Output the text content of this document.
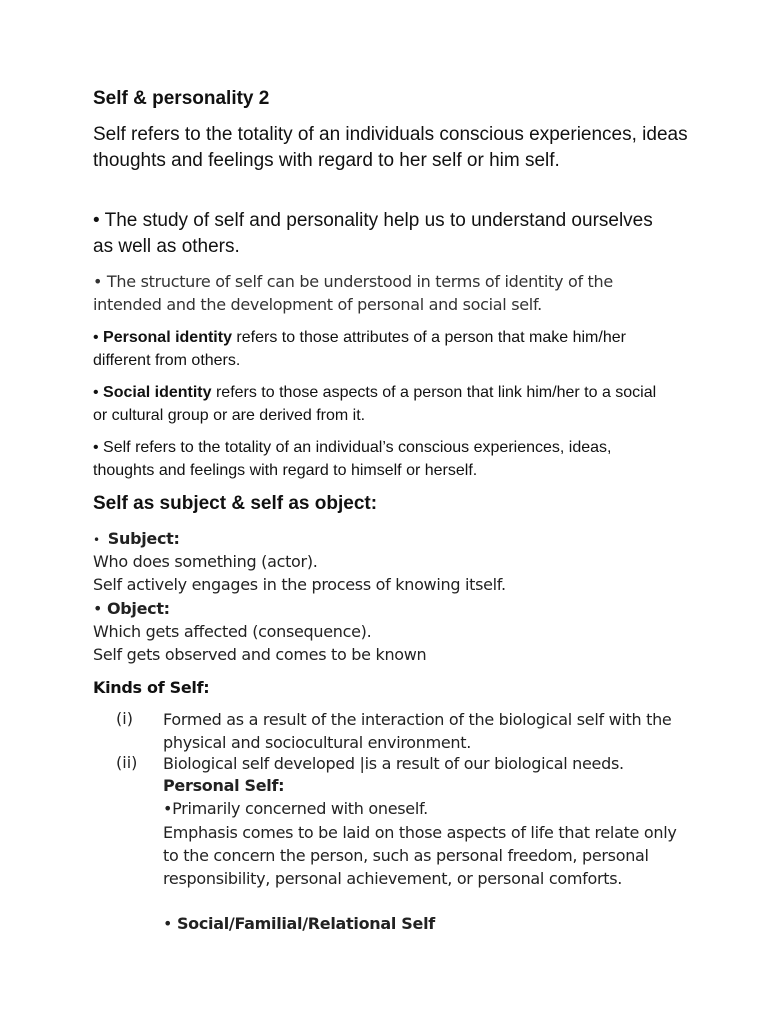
Self & personality 2
Self refers to the totality of an individuals conscious experiences, ideas thoughts and feelings with regard to her self or him self.
• The study of self and personality help us to understand ourselves as well as others.
• The structure of self can be understood in terms of identity of the intended and the development of personal and social self.
• Personal identity refers to those attributes of a person that make him/her different from others.
• Social identity refers to those aspects of a person that link him/her to a social or cultural group or are derived from it.
• Self refers to the totality of an individual’s conscious experiences, ideas, thoughts and feelings with regard to himself or herself.
Self as subject & self as object:
• Subject:
Who does something (actor).
Self actively engages in the process of knowing itself.
• Object:
Which gets affected (consequence).
Self gets observed and comes to be known
Kinds of Self:
(i) Formed as a result of the interaction of the biological self with the physical and sociocultural environment.
(ii) Biological self developed |is a result of our biological needs.
Personal Self:
•Primarily concerned with oneself.
Emphasis comes to be laid on those aspects of life that relate only to the concern the person, such as personal freedom, personal responsibility, personal achievement, or personal comforts.
• Social/Familial/Relational Self
